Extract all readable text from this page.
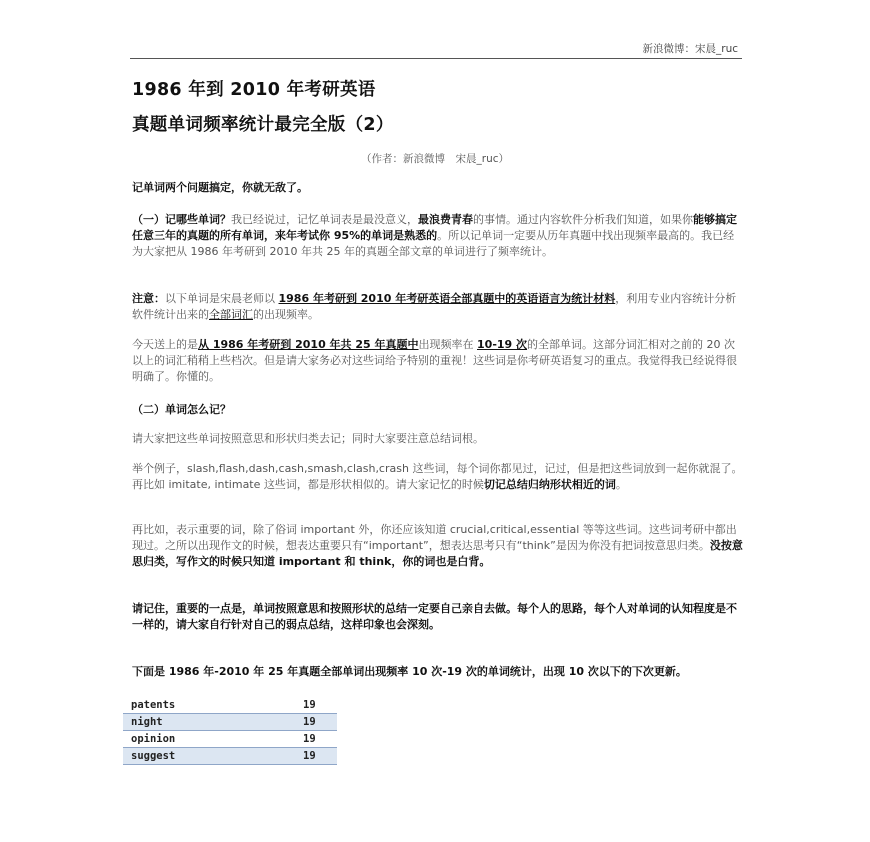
新浪微博：宋晨_ruc
1986 年到 2010 年考研英语
真题单词频率统计最完全版（2）
（作者：新浪微博　宋晨_ruc）
记单词两个问题搞定，你就无敌了。
（一）记哪些单词？我已经说过，记忆单词表是最没意义，最浪费青春的事情。通过内容软件分析我们知道，如果你能够搞定任意三年的真题的所有单词，来年考试你 95%的单词是熟悉的。所以记单词一定要从历年真题中找出现频率最高的。我已经为大家把从 1986 年考研到 2010 年共 25 年的真题全部文章的单词进行了频率统计。
注意：以下单词是宋晨老师以 1986 年考研到 2010 年考研英语全部真题中的英语语言为统计材料，利用专业内容统计分析软件统计出来的全部词汇的出现频率。
今天送上的是从 1986 年考研到 2010 年共 25 年真题中出现频率在 10-19 次的全部单词。这部分词汇相对之前的 20 次以上的词汇稍稍上些档次。但是请大家务必对这些词给予特别的重视！这些词是你考研英语复习的重点。我觉得我已经说得很明确了。你懂的。
（二）单词怎么记？
请大家把这些单词按照意思和形状归类去记；同时大家要注意总结词根。
举个例子，slash,flash,dash,cash,smash,clash,crash 这些词，每个词你都见过，记过，但是把这些词放到一起你就混了。再比如 imitate, intimate 这些词，都是形状相似的。请大家记忆的时候切记总结归纳形状相近的词。
再比如，表示重要的词，除了俗词 important 外，你还应该知道 crucial,critical,essential 等等这些词。这些词考研中都出现过。之所以出现作文的时候，想表达重要只有“important”，想表达思考只有“think”是因为你没有把词按意思归类。没按意思归类，写作文的时候只知道 important 和 think，你的词也是白背。
请记住，重要的一点是，单词按照意思和按照形状的总结一定要自己亲自去做。每个人的思路，每个人对单词的认知程度是不一样的，请大家自行针对自己的弱点总结，这样印象也会深刻。
下面是 1986 年-2010 年 25 年真题全部单词出现频率 10 次-19 次的单词统计，出现 10 次以下的下次更新。
patents	19
night	19
opinion	19
suggest	19
